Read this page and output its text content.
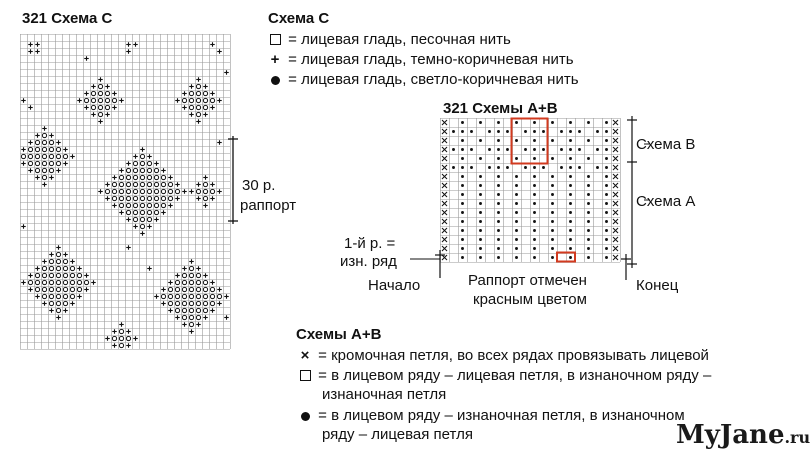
321 Схема С
30 р.
раппорт
Схема С
= лицевая гладь, песочная нить
+ = лицевая гладь, темно-коричневая нить
= лицевая гладь, светло-коричневая нить
321 Схемы А+В
Схема В
Схема А
1-й р. =
изн. ряд
Начало	Конец
Раппорт отмечен
красным цветом
Схемы А+В
× = кромочная петля, во всех рядах провязывать лицевой
= в лицевом ряду – лицевая петля, в изнаночном ряду –
изнаночная петля
= в лицевом ряду – изнаночная петля, в изнаночном
ряду – лицевая петля	MyJane.ru
